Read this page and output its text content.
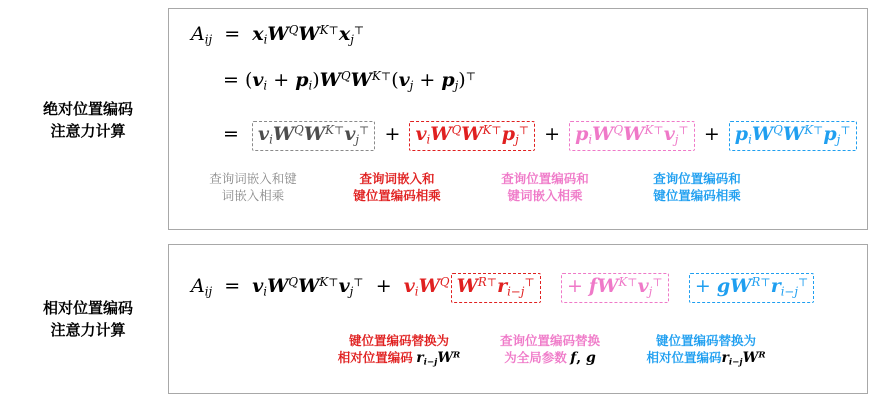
绝对位置编码
注意力计算
$A_{ij} = x_iW^QW^{K⊤}x_j^⊤$
= $(v_i + p_i)W^QW^{K⊤}(v_j + p_j)^⊤$
=  $v_iW^QW^{K⊤}v_j^⊤ + v_iW^QW^{K⊤}p_j^⊤ + p_iW^QW^{K⊤}v_j^⊤ + p_iW^QW^{K⊤}p_j^⊤$
查询词嵌入和键
词嵌入相乘
查询词嵌入和
键位置编码相乘
查询位置编码和
键词嵌入相乘
查询位置编码和
键位置编码相乘
相对位置编码
注意力计算
$A_{ij} = v_iW^QW^{K⊤}v_j^⊤ + v_iW^Q$ $W^{R⊤}r_{i-j}^⊤ + fW^{K⊤}v_j^⊤ + gW^{R⊤}r_{i-j}^⊤$
键位置编码替换为
相对位置编码 $r_{i-j}W^R$
查询位置编码替换
为全局参数 f, g
键位置编码替换为
相对位置编码$r_{i-j}W^R$
